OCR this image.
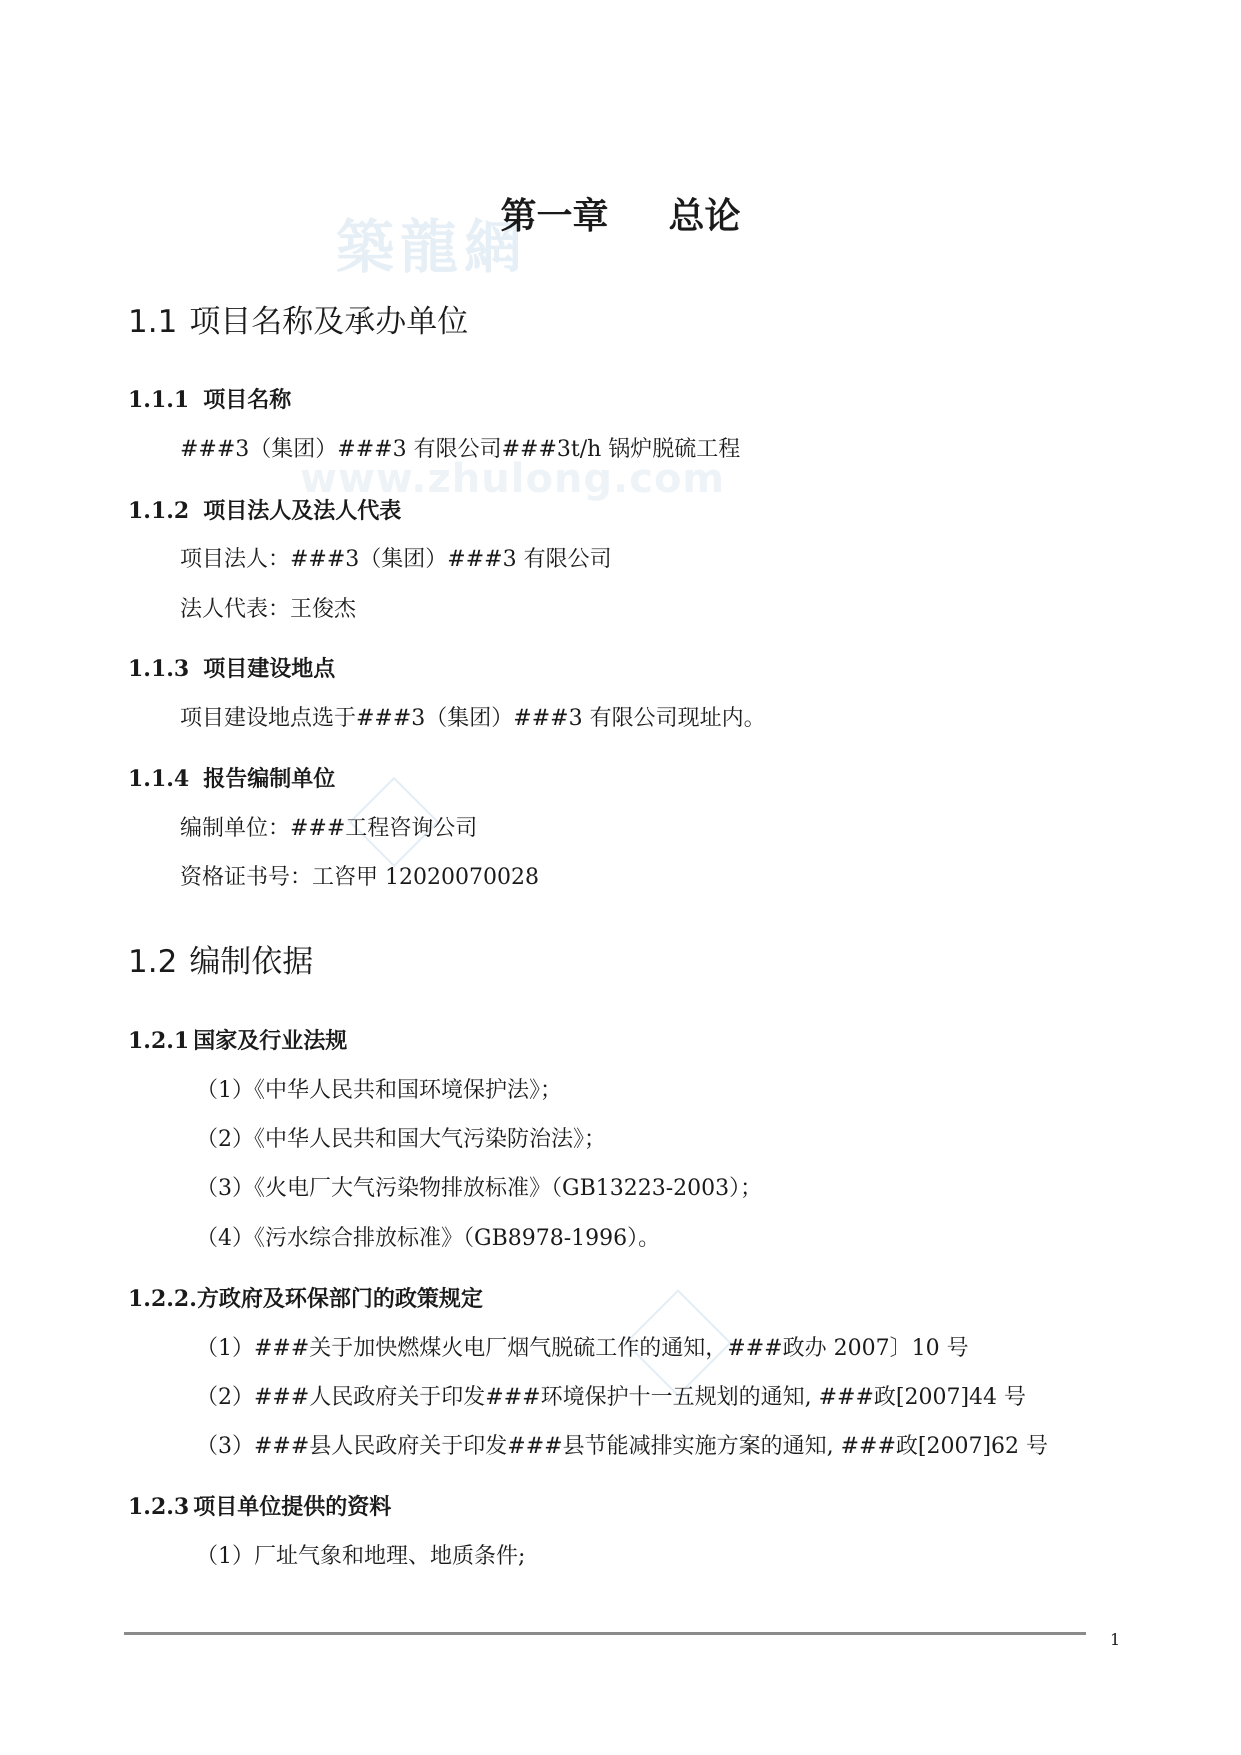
築龍網
www.zhulong.com
第一章 总论
1.1 项目名称及承办单位
1.1.1 项目名称
###3（集团）###3 有限公司###3t/h 锅炉脱硫工程
1.1.2 项目法人及法人代表
项目法人：###3（集团）###3 有限公司
法人代表：王俊杰
1.1.3 项目建设地点
项目建设地点选于###3（集团）###3 有限公司现址内。
1.1.4 报告编制单位
编制单位：###工程咨询公司
资格证书号：工咨甲 12020070028
1.2 编制依据
1.2.1 国家及行业法规
（1）《中华人民共和国环境保护法》；
（2）《中华人民共和国大气污染防治法》；
（3）《火电厂大气污染物排放标准》（GB13223-2003）；
（4）《污水综合排放标准》（GB8978-1996）。
1.2.2.方政府及环保部门的政策规定
（1）###关于加快燃煤火电厂烟气脱硫工作的通知，###政办 2007〕10 号
（2）###人民政府关于印发###环境保护十一五规划的通知, ###政[2007]44 号
（3）###县人民政府关于印发###县节能减排实施方案的通知, ###政[2007]62 号
1.2.3 项目单位提供的资料
（1）厂址气象和地理、地质条件;
1
